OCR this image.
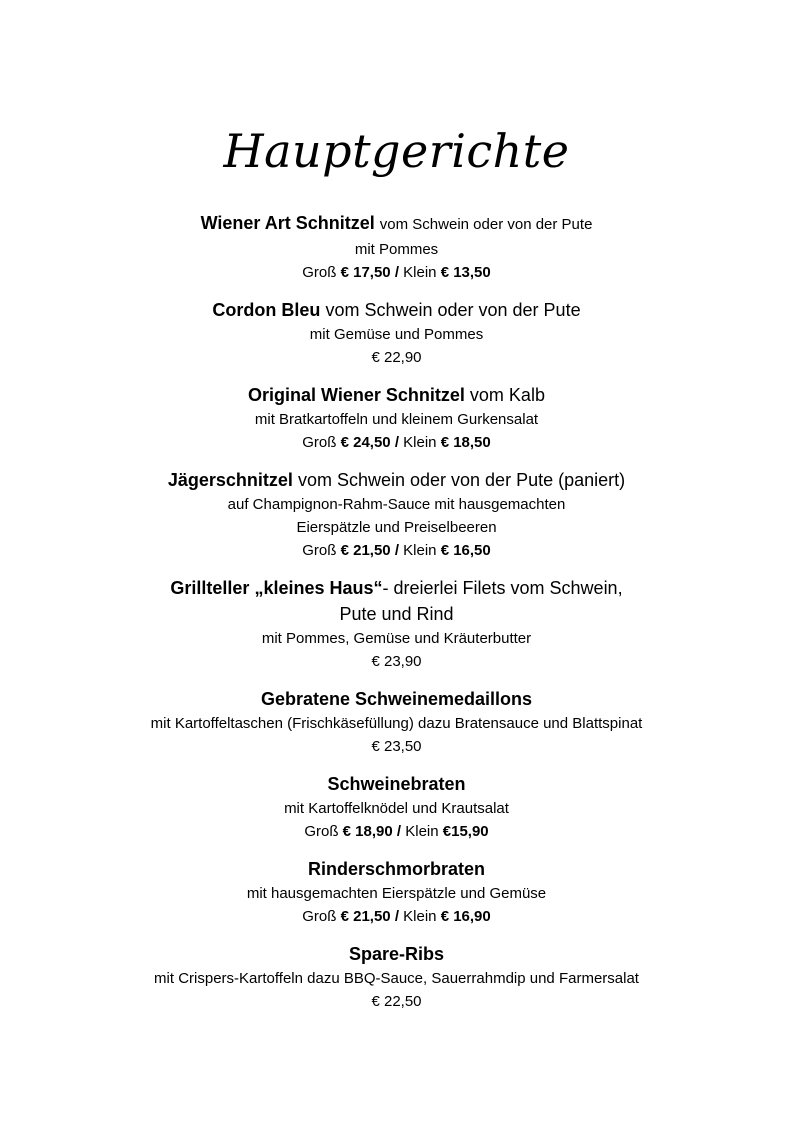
Hauptgerichte
Wiener Art Schnitzel vom Schwein oder von der Pute
mit Pommes
Groß € 17,50 / Klein € 13,50
Cordon Bleu vom Schwein oder von der Pute
mit Gemüse und Pommes
€ 22,90
Original Wiener Schnitzel vom Kalb
mit Bratkartoffeln und kleinem Gurkensalat
Groß € 24,50 / Klein € 18,50
Jägerschnitzel vom Schwein oder von der Pute (paniert)
auf Champignon-Rahm-Sauce mit hausgemachten
Eierspätzle und Preiselbeeren
Groß € 21,50 / Klein € 16,50
Grillteller „kleines Haus“- dreierlei Filets vom Schwein,
Pute und Rind
mit Pommes, Gemüse und Kräuterbutter
€ 23,90
Gebratene Schweinemedaillons
mit Kartoffeltaschen (Frischkäsefüllung) dazu Bratensauce und Blattspinat
€ 23,50
Schweinebraten
mit Kartoffelknödel und Krautsalat
Groß € 18,90 / Klein €15,90
Rinderschmorbraten
mit hausgemachten Eierspätzle und Gemüse
Groß € 21,50 / Klein € 16,90
Spare-Ribs
mit Crispers-Kartoffeln dazu BBQ-Sauce, Sauerrahmdip und Farmersalat
€ 22,50
